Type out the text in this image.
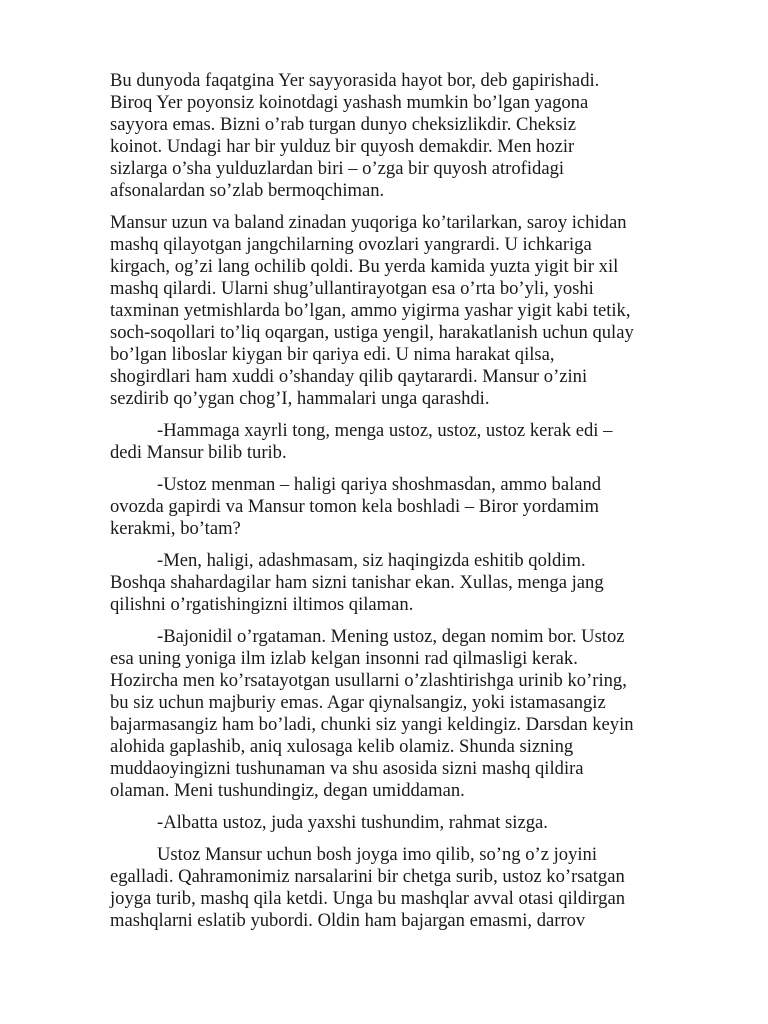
Bu dunyoda faqatgina Yer sayyorasida hayot bor, deb gapirishadi.
Biroq Yer poyonsiz koinotdagi yashash mumkin bo’lgan yagona
sayyora emas. Bizni o’rab turgan dunyo cheksizlikdir. Cheksiz
koinot. Undagi har bir yulduz bir quyosh demakdir. Men hozir
sizlarga o’sha yulduzlardan biri – o’zga bir quyosh atrofidagi
afsonalardan so’zlab bermoqchiman.

Mansur uzun va baland zinadan yuqoriga ko’tarilarkan, saroy ichidan
mashq qilayotgan jangchilarning ovozlari yangrardi. U ichkariga
kirgach, og’zi lang ochilib qoldi. Bu yerda kamida yuzta yigit bir xil
mashq qilardi. Ularni shug’ullantirayotgan esa o’rta bo’yli, yoshi
taxminan yetmishlarda bo’lgan, ammo yigirma yashar yigit kabi tetik,
soch-soqollari to’liq oqargan, ustiga yengil, harakatlanish uchun qulay
bo’lgan liboslar kiygan bir qariya edi. U nima harakat qilsa,
shogirdlari ham xuddi o’shanday qilib qaytarardi. Mansur o’zini
sezdirib qo’ygan chog’I, hammalari unga qarashdi.

-Hammaga xayrli tong, menga ustoz, ustoz, ustoz kerak edi –
dedi Mansur bilib turib.

-Ustoz menman – haligi qariya shoshmasdan, ammo baland
ovozda gapirdi va Mansur tomon kela boshladi – Biror yordamim
kerakmi, bo’tam?

-Men, haligi, adashmasam, siz haqingizda eshitib qoldim.
Boshqa shahardagilar ham sizni tanishar ekan. Xullas, menga jang
qilishni o’rgatishingizni iltimos qilaman.

-Bajonidil o’rgataman. Mening ustoz, degan nomim bor. Ustoz
esa uning yoniga ilm izlab kelgan insonni rad qilmasligi kerak.
Hozircha men ko’rsatayotgan usullarni o’zlashtirishga urinib ko’ring,
bu siz uchun majburiy emas. Agar qiynalsangiz, yoki istamasangiz
bajarmasangiz ham bo’ladi, chunki siz yangi keldingiz. Darsdan keyin
alohida gaplashib, aniq xulosaga kelib olamiz. Shunda sizning
muddaoyingizni tushunaman va shu asosida sizni mashq qildira
olaman. Meni tushundingiz, degan umiddaman.

-Albatta ustoz, juda yaxshi tushundim, rahmat sizga.

Ustoz Mansur uchun bosh joyga imo qilib, so’ng o’z joyini
egalladi. Qahramonimiz narsalarini bir chetga surib, ustoz ko’rsatgan
joyga turib, mashq qila ketdi. Unga bu mashqlar avval otasi qildirgan
mashqlarni eslatib yubordi. Oldin ham bajargan emasmi, darrov
